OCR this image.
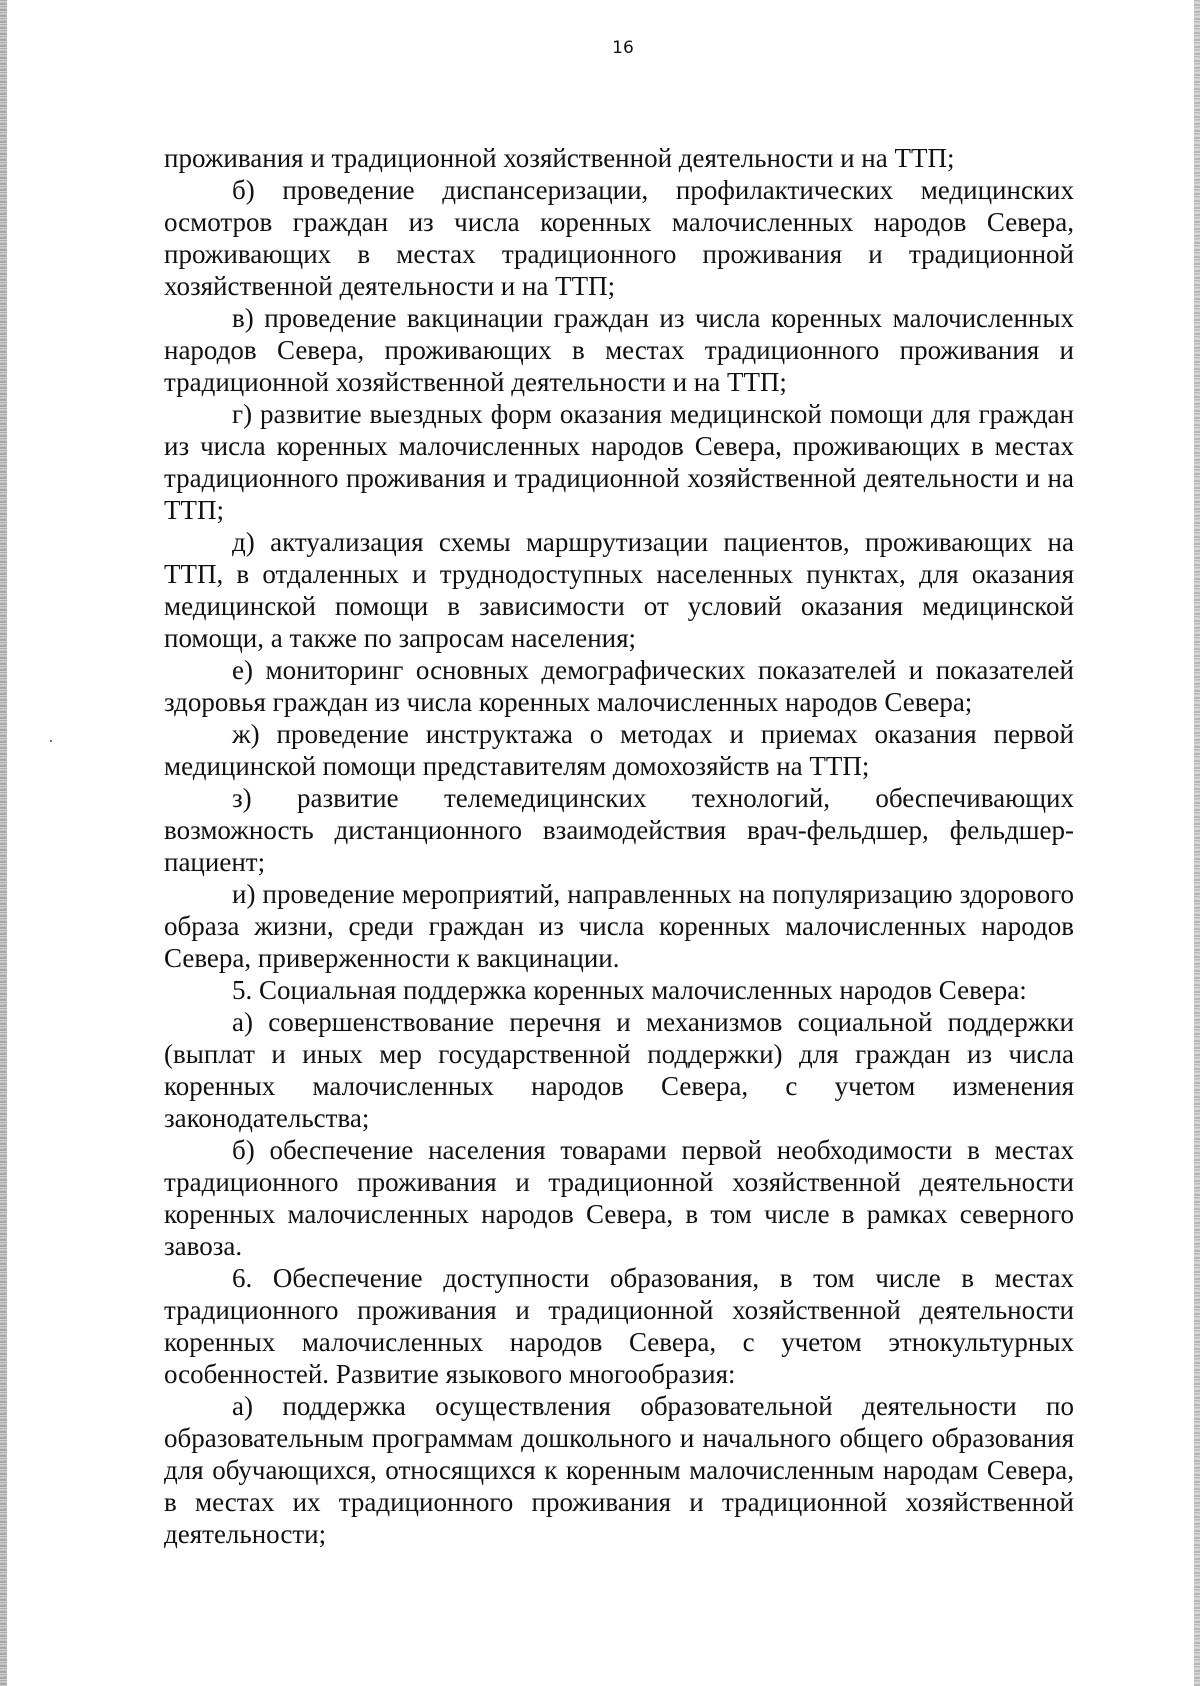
16

проживания и традиционной хозяйственной деятельности и на ТТП;

б) проведение диспансеризации, профилактических медицинских осмотров граждан из числа коренных малочисленных народов Севера, проживающих в местах традиционного проживания и традиционной хозяйственной деятельности и на ТТП;

в) проведение вакцинации граждан из числа коренных малочисленных народов Севера, проживающих в местах традиционного проживания и традиционной хозяйственной деятельности и на ТТП;

г) развитие выездных форм оказания медицинской помощи для граждан из числа коренных малочисленных народов Севера, проживающих в местах традиционного проживания и традиционной хозяйственной деятельности и на ТТП;

д) актуализация схемы маршрутизации пациентов, проживающих на ТТП, в отдаленных и труднодоступных населенных пунктах, для оказания медицинской помощи в зависимости от условий оказания медицинской помощи, а также по запросам населения;

е) мониторинг основных демографических показателей и показателей здоровья граждан из числа коренных малочисленных народов Севера;

ж) проведение инструктажа о методах и приемах оказания первой медицинской помощи представителям домохозяйств на ТТП;

з) развитие телемедицинских технологий, обеспечивающих возможность дистанционного взаимодействия врач-фельдшер, фельдшер-пациент;

и) проведение мероприятий, направленных на популяризацию здорового образа жизни, среди граждан из числа коренных малочисленных народов Севера, приверженности к вакцинации.

5. Социальная поддержка коренных малочисленных народов Севера:

а) совершенствование перечня и механизмов социальной поддержки (выплат и иных мер государственной поддержки) для граждан из числа коренных малочисленных народов Севера, с учетом изменения законодательства;

б) обеспечение населения товарами первой необходимости в местах традиционного проживания и традиционной хозяйственной деятельности коренных малочисленных народов Севера, в том числе в рамках северного завоза.

6. Обеспечение доступности образования, в том числе в местах традиционного проживания и традиционной хозяйственной деятельности коренных малочисленных народов Севера, с учетом этнокультурных особенностей. Развитие языкового многообразия:

а) поддержка осуществления образовательной деятельности по образовательным программам дошкольного и начального общего образования для обучающихся, относящихся к коренным малочисленным народам Севера, в местах их традиционного проживания и традиционной хозяйственной деятельности;
